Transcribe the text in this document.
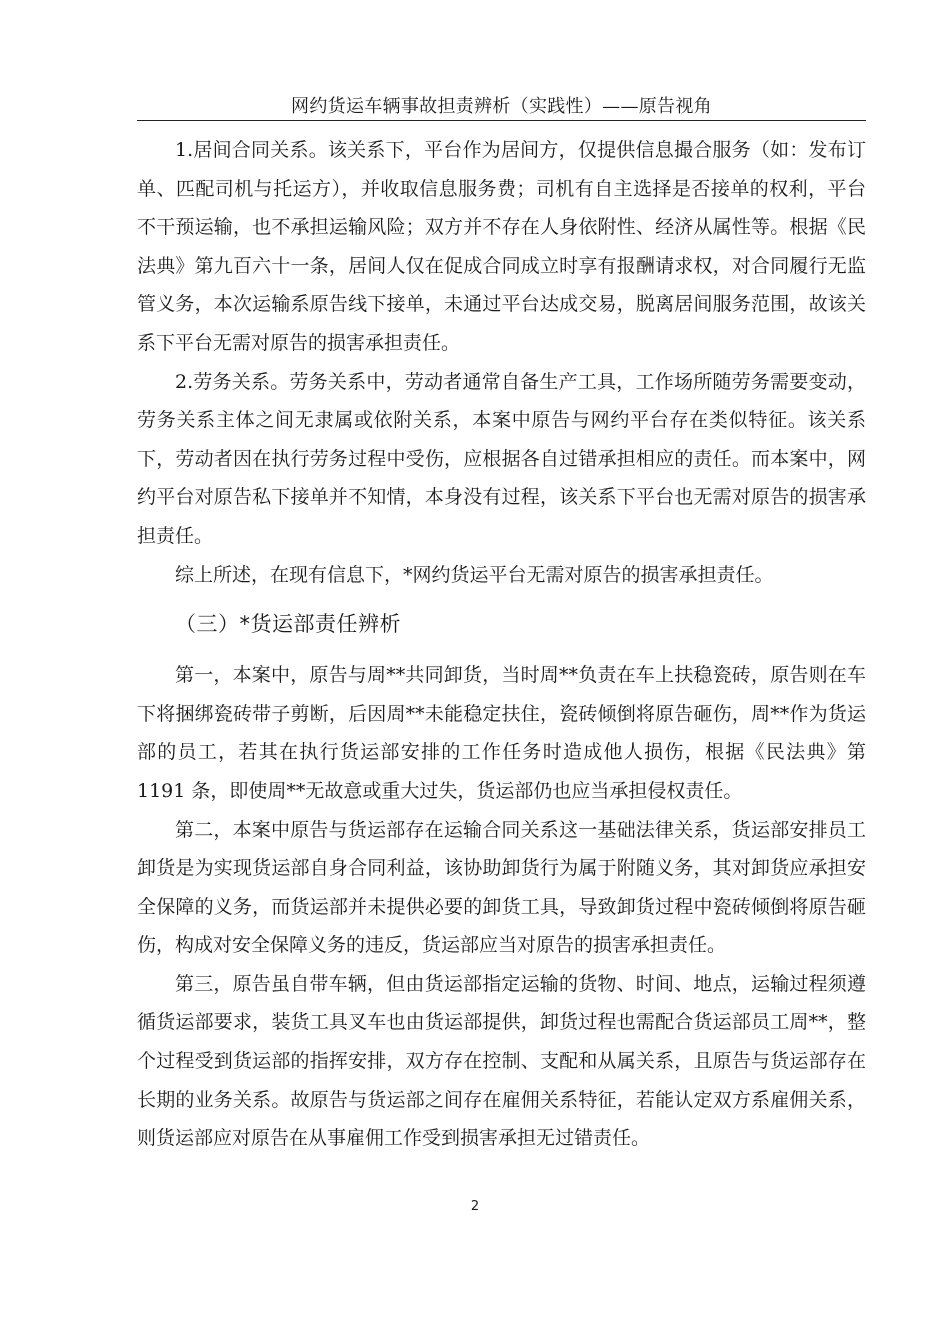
网约货运车辆事故担责辨析（实践性）——原告视角

1.居间合同关系。该关系下，平台作为居间方，仅提供信息撮合服务（如：发布订单、匹配司机与托运方），并收取信息服务费；司机有自主选择是否接单的权利，平台不干预运输，也不承担运输风险；双方并不存在人身依附性、经济从属性等。根据《民法典》第九百六十一条，居间人仅在促成合同成立时享有报酬请求权，对合同履行无监管义务，本次运输系原告线下接单，未通过平台达成交易，脱离居间服务范围，故该关系下平台无需对原告的损害承担责任。

2.劳务关系。劳务关系中，劳动者通常自备生产工具，工作场所随劳务需要变动，劳务关系主体之间无隶属或依附关系，本案中原告与网约平台存在类似特征。该关系下，劳动者因在执行劳务过程中受伤，应根据各自过错承担相应的责任。而本案中，网约平台对原告私下接单并不知情，本身没有过程，该关系下平台也无需对原告的损害承担责任。

综上所述，在现有信息下，*网约货运平台无需对原告的损害承担责任。

（三）*货运部责任辨析

第一，本案中，原告与周**共同卸货，当时周**负责在车上扶稳瓷砖，原告则在车下将捆绑瓷砖带子剪断，后因周**未能稳定扶住，瓷砖倾倒将原告砸伤，周**作为货运部的员工，若其在执行货运部安排的工作任务时造成他人损伤，根据《民法典》第 1191 条，即使周**无故意或重大过失，货运部仍也应当承担侵权责任。

第二，本案中原告与货运部存在运输合同关系这一基础法律关系，货运部安排员工卸货是为实现货运部自身合同利益，该协助卸货行为属于附随义务，其对卸货应承担安全保障的义务，而货运部并未提供必要的卸货工具，导致卸货过程中瓷砖倾倒将原告砸伤，构成对安全保障义务的违反，货运部应当对原告的损害承担责任。

第三，原告虽自带车辆，但由货运部指定运输的货物、时间、地点，运输过程须遵循货运部要求，装货工具叉车也由货运部提供，卸货过程也需配合货运部员工周**，整个过程受到货运部的指挥安排，双方存在控制、支配和从属关系，且原告与货运部存在长期的业务关系。故原告与货运部之间存在雇佣关系特征，若能认定双方系雇佣关系，则货运部应对原告在从事雇佣工作受到损害承担无过错责任。

2
